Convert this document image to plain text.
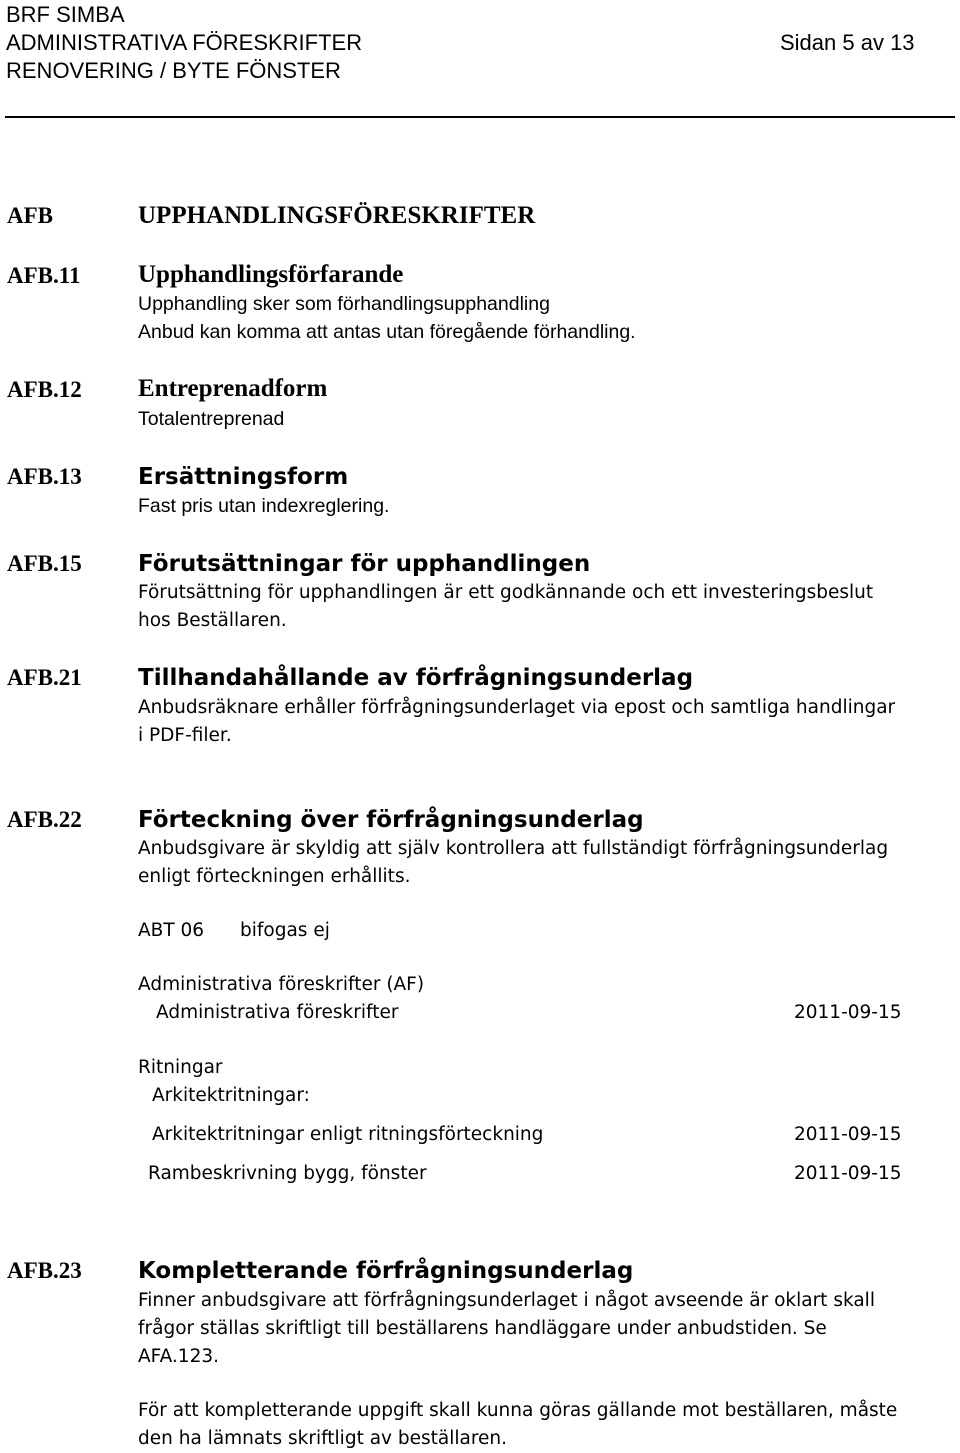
BRF SIMBA
ADMINISTRATIVA FÖRESKRIFTER	Sidan 5 av 13
RENOVERING / BYTE FÖNSTER
AFB	UPPHANDLINGSFÖRESKRIFTER
AFB.11 Upphandlingsförfarande
Upphandling sker som förhandlingsupphandling
Anbud kan komma att antas utan föregående förhandling.
AFB.12 Entreprenadform
Totalentreprenad
AFB.13 Ersättningsform
Fast pris utan indexreglering.
AFB.15 Förutsättningar för upphandlingen
Förutsättning för upphandlingen är ett godkännande och ett investeringsbeslut
hos Beställaren.
AFB.21 Tillhandahållande av förfrågningsunderlag
Anbudsräknare erhåller förfrågningsunderlaget via epost och samtliga handlingar
i PDF-filer.
AFB.22 Förteckning över förfrågningsunderlag
Anbudsgivare är skyldig att själv kontrollera att fullständigt förfrågningsunderlag
enligt förteckningen erhållits.
ABT 06 bifogas ej
Administrativa föreskrifter (AF)
Administrativa föreskrifter	2011-09-15
Ritningar
Arkitektritningar:
Arkitektritningar enligt ritningsförteckning	2011-09-15
Rambeskrivning bygg, fönster	2011-09-15
AFB.23 Kompletterande förfrågningsunderlag
Finner anbudsgivare att förfrågningsunderlaget i något avseende är oklart skall
frågor ställas skriftligt till beställarens handläggare under anbudstiden. Se
AFA.123.
För att kompletterande uppgift skall kunna göras gällande mot beställaren, måste
den ha lämnats skriftligt av beställaren.
